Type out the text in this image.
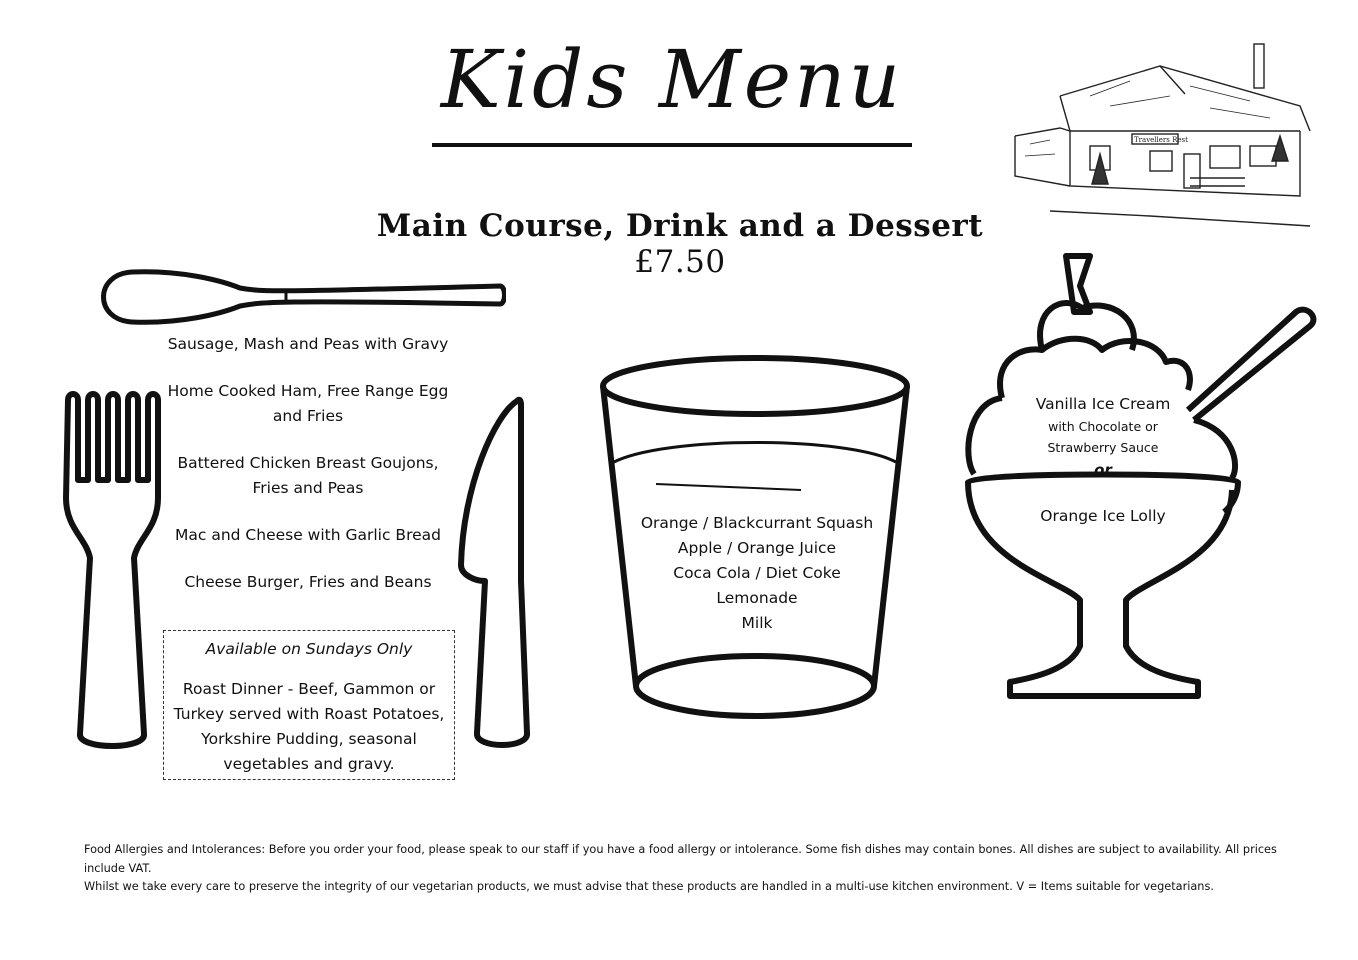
Kids Menu
Travellers Rest
Main Course, Drink and a Dessert £7.50
Sausage, Mash and Peas with Gravy
Home Cooked Ham, Free Range Egg and Fries
Battered Chicken Breast Goujons, Fries and Peas
Mac and Cheese with Garlic Bread
Cheese Burger, Fries and Beans
Available on Sundays Only
Roast Dinner - Beef, Gammon or Turkey served with Roast Potatoes, Yorkshire Pudding, seasonal vegetables and gravy.
Orange / Blackcurrant Squash
Apple / Orange Juice
Coca Cola / Diet Coke
Lemonade
Milk
Vanilla Ice Cream
with Chocolate or
Strawberry Sauce
or
Orange Ice Lolly
Food Allergies and Intolerances: Before you order your food, please speak to our staff if you have a food allergy or intolerance. Some fish dishes may contain bones. All dishes are subject to availability. All prices include VAT.
Whilst we take every care to preserve the integrity of our vegetarian products, we must advise that these products are handled in a multi-use kitchen environment. V = Items suitable for vegetarians.
